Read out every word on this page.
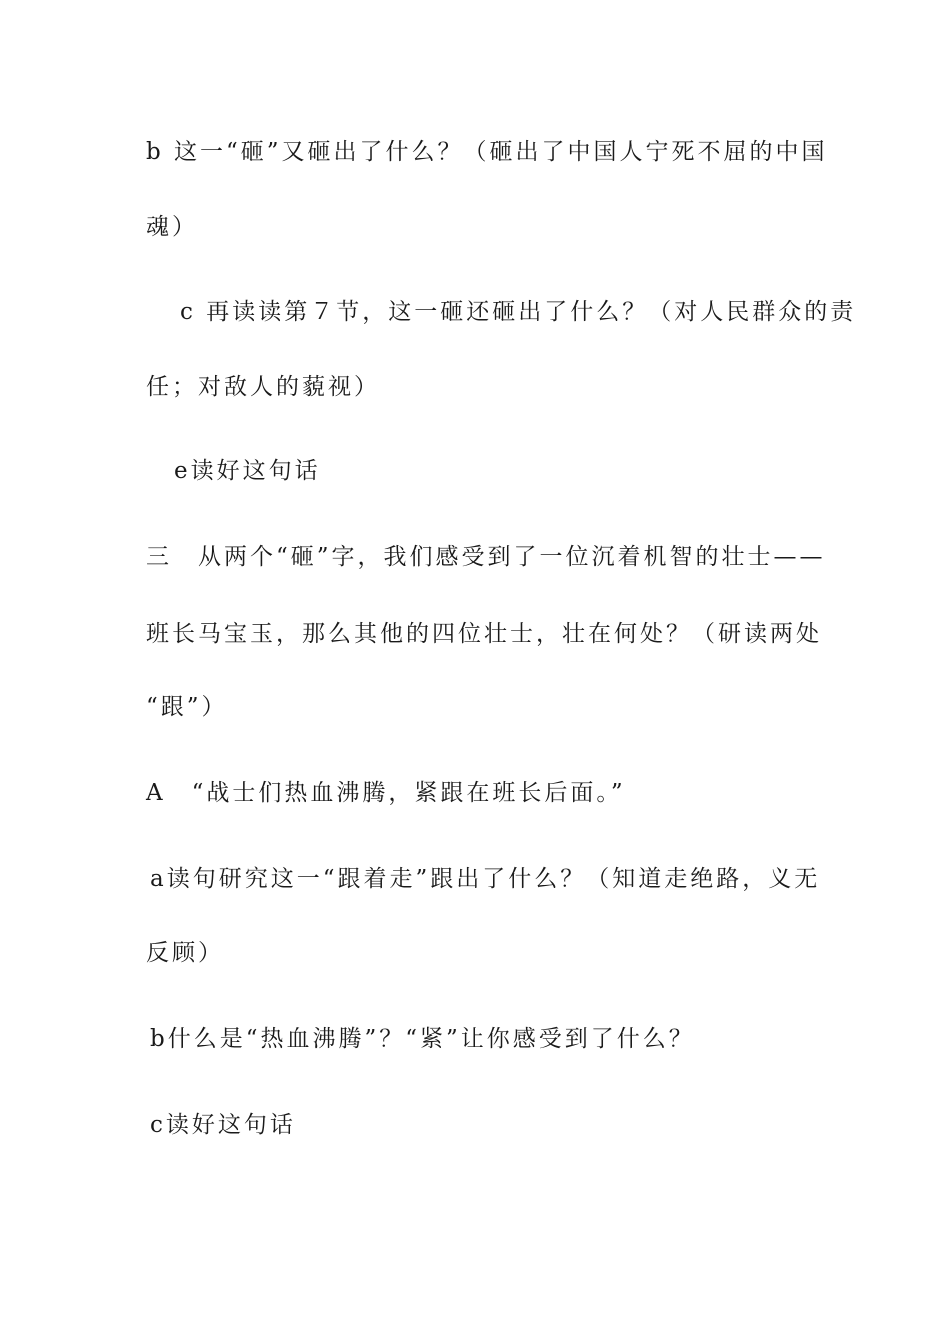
b 这一“砸”又砸出了什么？（砸出了中国人宁死不屈的中国
魂）
c 再读读第７节，这一砸还砸出了什么？（对人民群众的责
任；对敌人的藐视）
e读好这句话
三　从两个“砸”字，我们感受到了一位沉着机智的壮士——
班长马宝玉，那么其他的四位壮士，壮在何处？（研读两处
“跟”）
A　“战士们热血沸腾，紧跟在班长后面。”
a读句研究这一“跟着走”跟出了什么？（知道走绝路，义无
反顾）
b什么是“热血沸腾”？“紧”让你感受到了什么？
c读好这句话
